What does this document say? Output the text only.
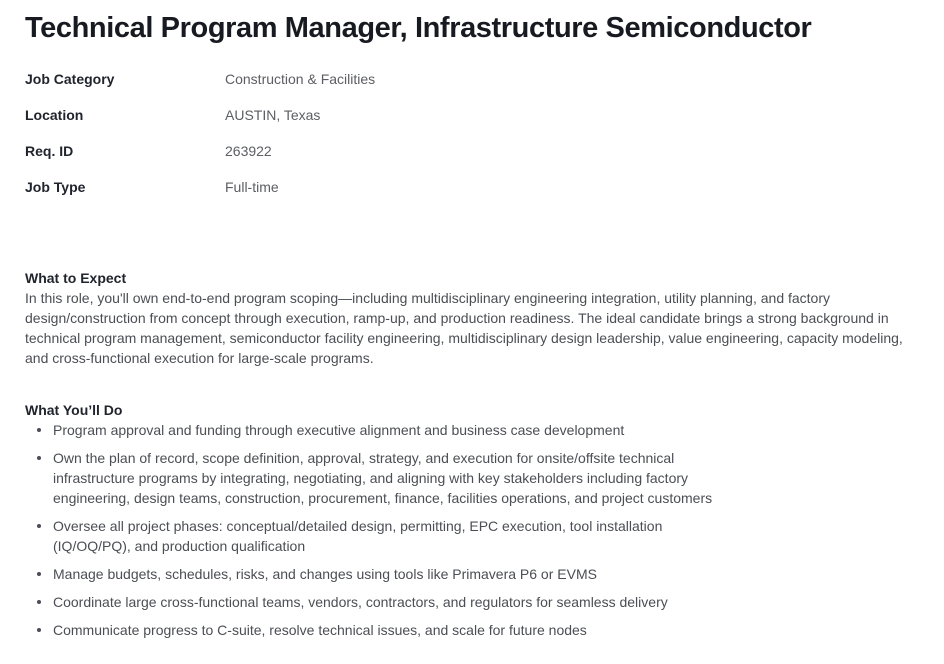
Technical Program Manager, Infrastructure Semiconductor
Job Category	Construction & Facilities
Location	AUSTIN, Texas
Req. ID	263922
Job Type	Full-time
What to Expect

In this role, you'll own end-to-end program scoping—including multidisciplinary engineering integration, utility planning, and factory design/construction from concept through execution, ramp-up, and production readiness. The ideal candidate brings a strong background in technical program management, semiconductor facility engineering, multidisciplinary design leadership, value engineering, capacity modeling, and cross-functional execution for large-scale programs.

What You’ll Do
Program approval and funding through executive alignment and business case development
Own the plan of record, scope definition, approval, strategy, and execution for onsite/offsite technical infrastructure programs by integrating, negotiating, and aligning with key stakeholders including factory engineering, design teams, construction, procurement, finance, facilities operations, and project customers
Oversee all project phases: conceptual/detailed design, permitting, EPC execution, tool installation (IQ/OQ/PQ), and production qualification
Manage budgets, schedules, risks, and changes using tools like Primavera P6 or EVMS
Coordinate large cross-functional teams, vendors, contractors, and regulators for seamless delivery
Communicate progress to C-suite, resolve technical issues, and scale for future nodes
